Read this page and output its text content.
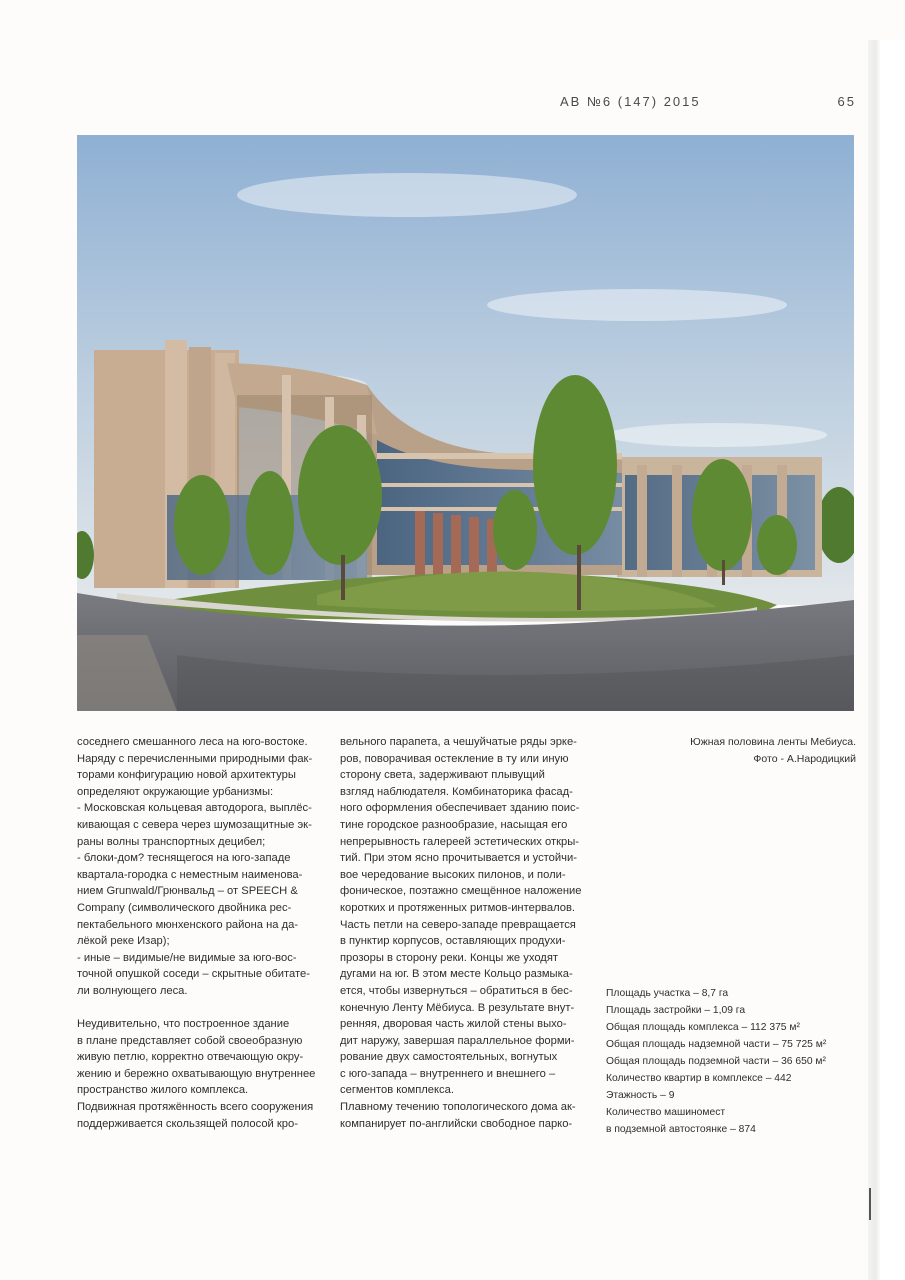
АВ №6 (147) 2015	65

соседнего смешанного леса на юго-востоке.

Наряду с перечисленными природными фак-

торами конфигурацию новой архитектуры

определяют окружающие урбанизмы:

- Московская кольцевая автодорога, выплёс-

кивающая с севера через шумозащитные эк-

раны волны транспортных децибел;

- блоки-дом? теснящегося на юго-западе

квартала-городка с неместным наименова-

нием Grunwald/Грюнвальд – от SPEECH &

Company (символического двойника рес-

пектабельного мюнхенского района на да-

лёкой реке Изар);

- иные – видимые/не видимые за юго-вос-

точной опушкой соседи – скрытные обитате-

ли волнующего леса.

Неудивительно, что построенное здание

в плане представляет собой своеобразную

живую петлю, корректно отвечающую окру-

жению и бережно охватывающую внутреннее

пространство жилого комплекса.

Подвижная протяжённость всего сооружения

поддерживается скользящей полосой кро-

вельного парапета, а чешуйчатые ряды эрке-

ров, поворачивая остекление в ту или иную

сторону света, задерживают плывущий

взгляд наблюдателя. Комбинаторика фасад-

ного оформления обеспечивает зданию поис-

тине городское разнообразие, насыщая его

непрерывность галереей эстетических откры-

тий. При этом ясно прочитывается и устойчи-

вое чередование высоких пилонов, и поли-

фоническое, поэтажно смещённое наложение

коротких и протяженных ритмов-интервалов.

Часть петли на северо-западе превращается

в пунктир корпусов, оставляющих продухи-

прозоры в сторону реки. Концы же уходят

дугами на юг. В этом месте Кольцо размыка-

ется, чтобы извернуться – обратиться в бес-

конечную Ленту Мёбиуса. В результате внут-

ренняя, дворовая часть жилой стены выхо-

дит наружу, завершая параллельное форми-

рование двух самостоятельных, вогнутых

с юго-запада – внутреннего и внешнего –

сегментов комплекса.

Плавному течению топологического дома ак-

компанирует по-английски свободное парко-

Южная половина ленты Мебиуса.
Фото - А.Народицкий
Площадь участка – 8,7 га
Площадь застройки – 1,09 га
Общая площадь комплекса – 112 375 м²
Общая площадь надземной части – 75 725 м²
Общая площадь подземной части – 36 650 м²
Количество квартир в комплексе – 442
Этажность – 9
Количество машиномест
в подземной автостоянке – 874
